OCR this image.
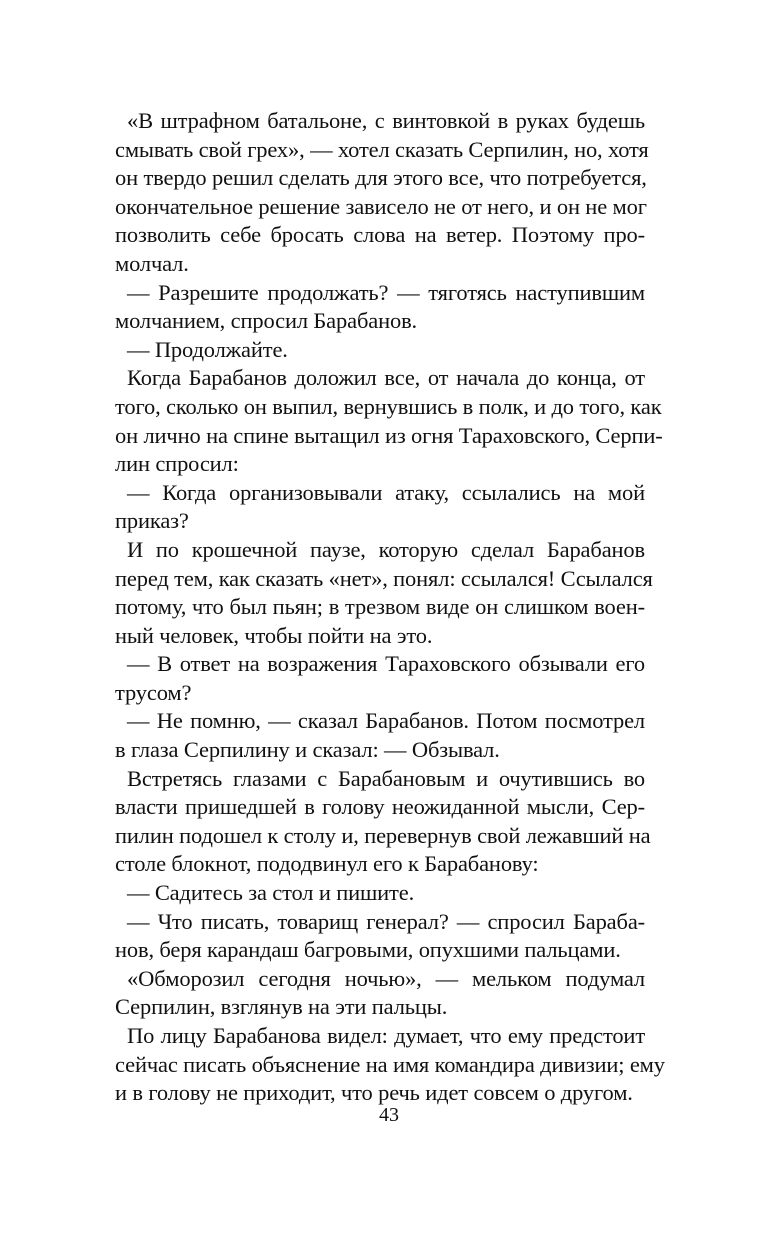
«В штрафном батальоне, с винтовкой в руках будешь
смывать свой грех», — хотел сказать Серпилин, но, хотя
он твердо решил сделать для этого все, что потребуется,
окончательное решение зависело не от него, и он не мог
позволить себе бросать слова на ветер. Поэтому про-
молчал.
— Разрешите продолжать? — тяготясь наступившим
молчанием, спросил Барабанов.
— Продолжайте.
Когда Барабанов доложил все, от начала до конца, от
того, сколько он выпил, вернувшись в полк, и до того, как
он лично на спине вытащил из огня Тараховского, Серпи-
лин спросил:
— Когда организовывали атаку, ссылались на мой
приказ?
И по крошечной паузе, которую сделал Барабанов
перед тем, как сказать «нет», понял: ссылался! Ссылался
потому, что был пьян; в трезвом виде он слишком воен-
ный человек, чтобы пойти на это.
— В ответ на возражения Тараховского обзывали его
трусом?
— Не помню, — сказал Барабанов. Потом посмотрел
в глаза Серпилину и сказал: — Обзывал.
Встретясь глазами с Барабановым и очутившись во
власти пришедшей в голову неожиданной мысли, Сер-
пилин подошел к столу и, перевернув свой лежавший на
столе блокнот, пододвинул его к Барабанову:
— Садитесь за стол и пишите.
— Что писать, товарищ генерал? — спросил Бараба-
нов, беря карандаш багровыми, опухшими пальцами.
«Обморозил сегодня ночью», — мельком подумал
Серпилин, взглянув на эти пальцы.
По лицу Барабанова видел: думает, что ему предстоит
сейчас писать объяснение на имя командира дивизии; ему
и в голову не приходит, что речь идет совсем о другом.
43
